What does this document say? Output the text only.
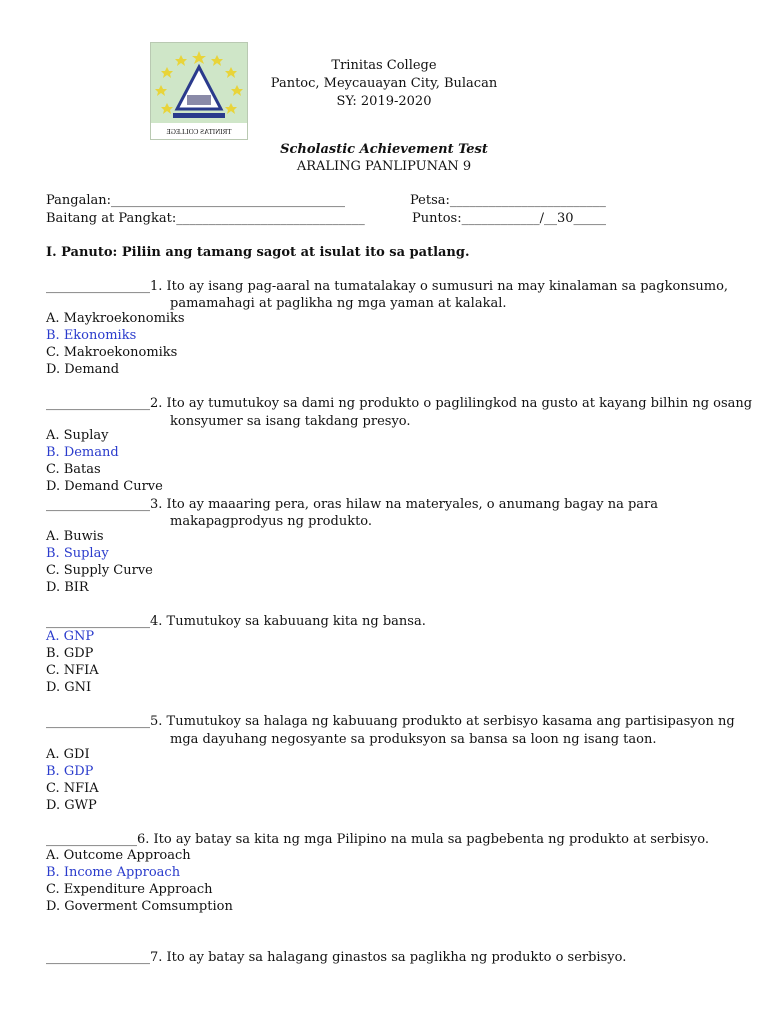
TRINITAS COLLEGE
Trinitas College
Pantoc, Meycauayan City, Bulacan
SY: 2019-2020
Scholastic Achievement Test
ARALING PANLIPUNAN 9
Pangalan:____________________________________	Petsa:________________________
Baitang at Pangkat:_____________________________	Puntos:____________/__30_____
I. Panuto: Piliin ang tamang sagot at isulat ito sa patlang.
________________1. Ito ay isang pag-aaral na tumatalakay o sumusuri na may kinalaman sa pagkonsumo,
pamamahagi at paglikha ng mga yaman at kalakal.
A. Maykroekonomiks
B. Ekonomiks
C. Makroekonomiks
D. Demand
________________2. Ito ay tumutukoy sa dami ng produkto o paglilingkod na gusto at kayang bilhin ng osang
konsyumer sa isang takdang presyo.
A. Suplay
B. Demand
C. Batas
D. Demand Curve
________________3. Ito ay maaaring pera, oras hilaw na materyales, o anumang bagay na para
makapagprodyus ng produkto.
A. Buwis
B. Suplay
C. Supply Curve
D. BIR
________________4. Tumutukoy sa kabuuang kita ng bansa.
A. GNP
B. GDP
C. NFIA
D. GNI
________________5. Tumutukoy sa halaga ng kabuuang produkto at serbisyo kasama ang partisipasyon ng
mga dayuhang negosyante sa produksyon sa bansa sa loon ng isang taon.
A. GDI
B. GDP
C. NFIA
D. GWP
______________6. Ito ay batay sa kita ng mga Pilipino na mula sa pagbebenta ng produkto at serbisyo.
A. Outcome Approach
B. Income Approach
C. Expenditure Approach
D. Goverment Comsumption
________________7. Ito ay batay sa halagang ginastos sa paglikha ng produkto o serbisyo.
